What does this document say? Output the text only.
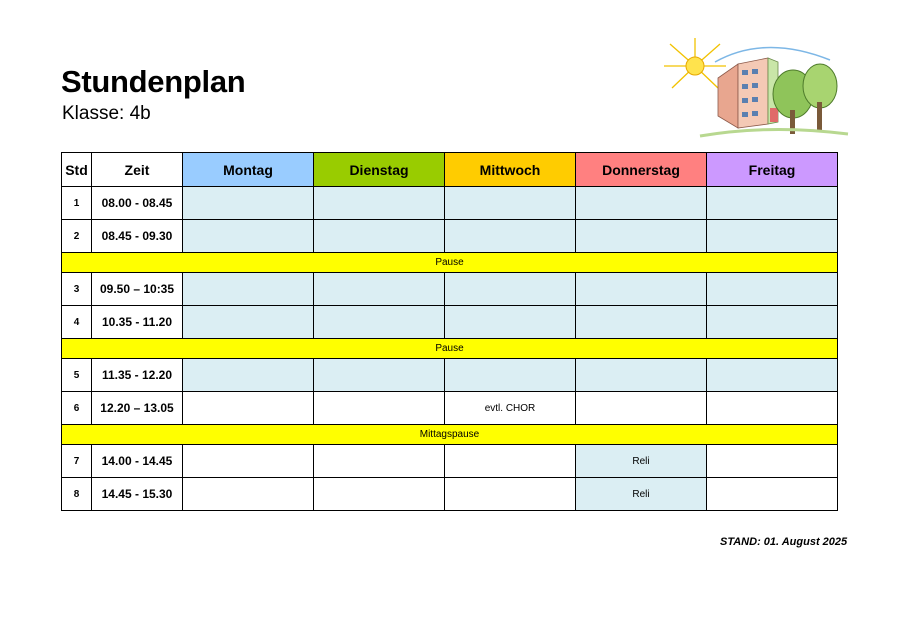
Stundenplan
Klasse: 4b
Std	Zeit	Montag	Dienstag	Mittwoch	Donnerstag	Freitag
1	08.00 - 08.45					
2	08.45 - 09.30					
Pause						
3	09.50 – 10:35					
4	10.35 - 11.20					
Pause						
5	11.35 - 12.20					
6	12.20 – 13.05			evtl. CHOR		
Mittagspause						
7	14.00 - 14.45				Reli	
8	14.45 - 15.30				Reli	
STAND: 01. August 2025
